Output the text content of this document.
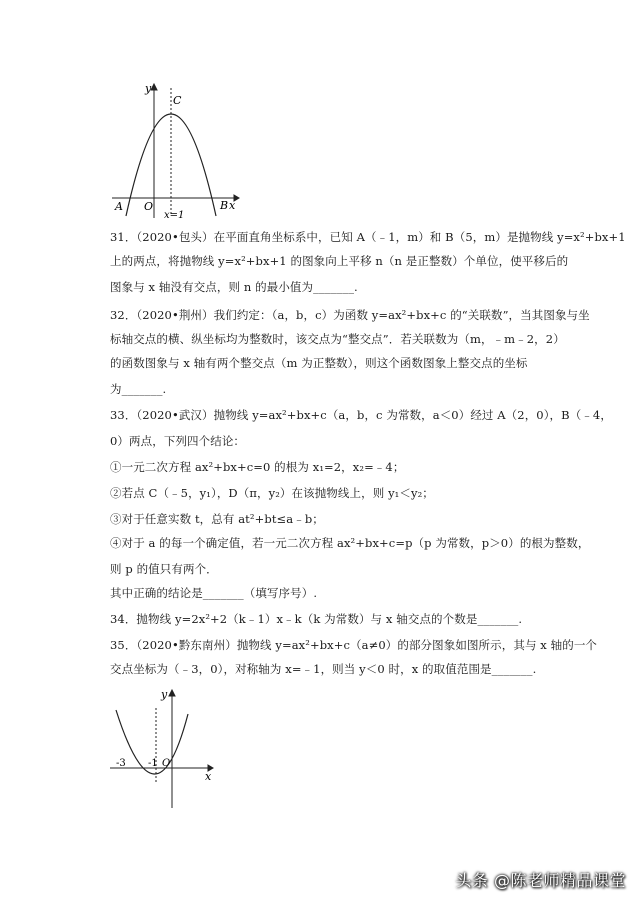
y
C
A O	B x
x=1
31．（2020•包头）在平面直角坐标系中，已知 A（﹣1，m）和 B（5，m）是抛物线 y=x²+bx+1
上的两点，将抛物线 y=x²+bx+1 的图象向上平移 n（n 是正整数）个单位，使平移后的
图象与 x 轴没有交点，则 n 的最小值为_______.
32．（2020•荆州）我们约定：（a，b，c）为函数 y=ax²+bx+c 的“关联数”，当其图象与坐
标轴交点的横、纵坐标均为整数时，该交点为“整交点”．若关联数为（m，﹣m﹣2，2）
的函数图象与 x 轴有两个整交点（m 为正整数），则这个函数图象上整交点的坐标
为_______.
33．（2020•武汉）抛物线 y=ax²+bx+c（a，b，c 为常数，a＜0）经过 A（2，0），B（﹣4，
0）两点，下列四个结论：
①一元二次方程 ax²+bx+c=0 的根为 x₁=2，x₂=﹣4；
②若点 C（﹣5，y₁），D（π，y₂）在该抛物线上，则 y₁＜y₂；
③对于任意实数 t，总有 at²+bt≤a﹣b；
④对于 a 的每一个确定值，若一元二次方程 ax²+bx+c=p（p 为常数，p＞0）的根为整数，
则 p 的值只有两个．
其中正确的结论是_______（填写序号）.
34．抛物线 y=2x²+2（k﹣1）x﹣k（k 为常数）与 x 轴交点的个数是_______.
35．（2020•黔东南州）抛物线 y=ax²+bx+c（a≠0）的部分图象如图所示，其与 x 轴的一个
交点坐标为（﹣3，0），对称轴为 x=﹣1，则当 y＜0 时，x 的取值范围是_______.
y
x
-3 -1 O
头条 @陈老师精品课堂
